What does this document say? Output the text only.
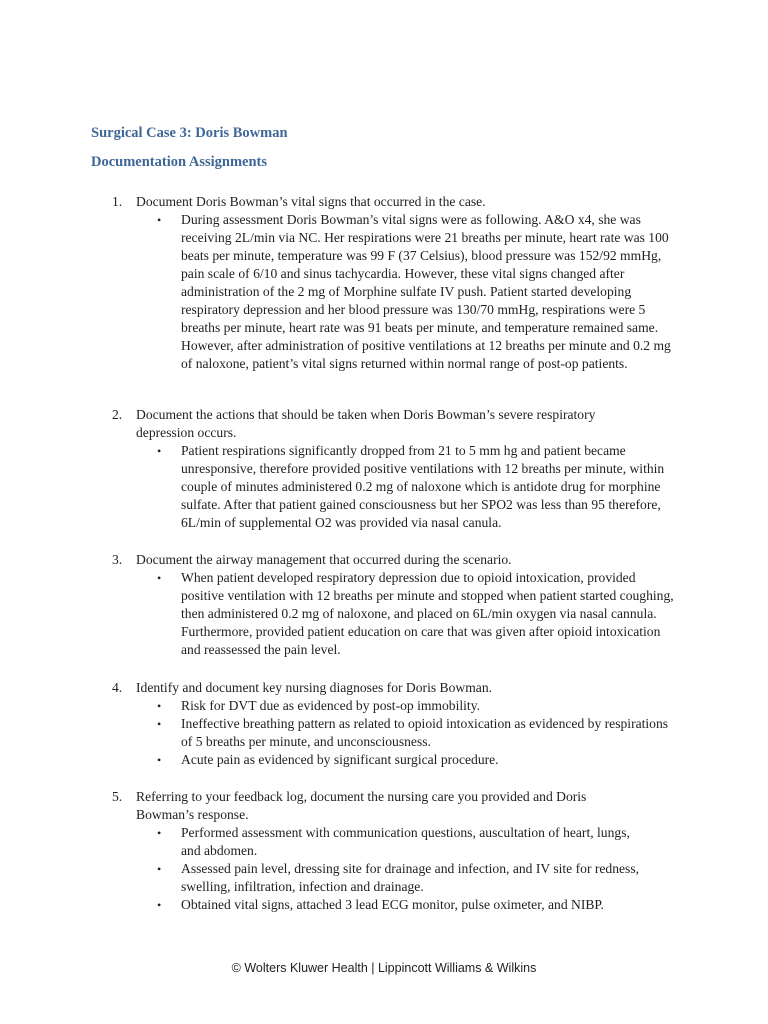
Surgical Case 3: Doris Bowman
Documentation Assignments
1. Document Doris Bowman’s vital signs that occurred in the case.
• During assessment Doris Bowman’s vital signs were as following. A&O x4, she was receiving 2L/min via NC. Her respirations were 21 breaths per minute, heart rate was 100 beats per minute, temperature was 99 F (37 Celsius), blood pressure was 152/92 mmHg, pain scale of 6/10 and sinus tachycardia. However, these vital signs changed after administration of the 2 mg of Morphine sulfate IV push. Patient started developing respiratory depression and her blood pressure was 130/70 mmHg, respirations were 5 breaths per minute, heart rate was 91 beats per minute, and temperature remained same. However, after administration of positive ventilations at 12 breaths per minute and 0.2 mg of naloxone, patient’s vital signs returned within normal range of post-op patients.
2. Document the actions that should be taken when Doris Bowman’s severe respiratory depression occurs.
• Patient respirations significantly dropped from 21 to 5 mm hg and patient became unresponsive, therefore provided positive ventilations with 12 breaths per minute, within couple of minutes administered 0.2 mg of naloxone which is antidote drug for morphine sulfate. After that patient gained consciousness but her SPO2 was less than 95 therefore, 6L/min of supplemental O2 was provided via nasal canula.
3. Document the airway management that occurred during the scenario.
• When patient developed respiratory depression due to opioid intoxication, provided positive ventilation with 12 breaths per minute and stopped when patient started coughing, then administered 0.2 mg of naloxone, and placed on 6L/min oxygen via nasal cannula. Furthermore, provided patient education on care that was given after opioid intoxication and reassessed the pain level.
4. Identify and document key nursing diagnoses for Doris Bowman.
• Risk for DVT due as evidenced by post-op immobility.
• Ineffective breathing pattern as related to opioid intoxication as evidenced by respirations of 5 breaths per minute, and unconsciousness.
• Acute pain as evidenced by significant surgical procedure.
5. Referring to your feedback log, document the nursing care you provided and Doris Bowman’s response.
• Performed assessment with communication questions, auscultation of heart, lungs, and abdomen.
• Assessed pain level, dressing site for drainage and infection, and IV site for redness, swelling, infiltration, infection and drainage.
• Obtained vital signs, attached 3 lead ECG monitor, pulse oximeter, and NIBP.
© Wolters Kluwer Health | Lippincott Williams & Wilkins
